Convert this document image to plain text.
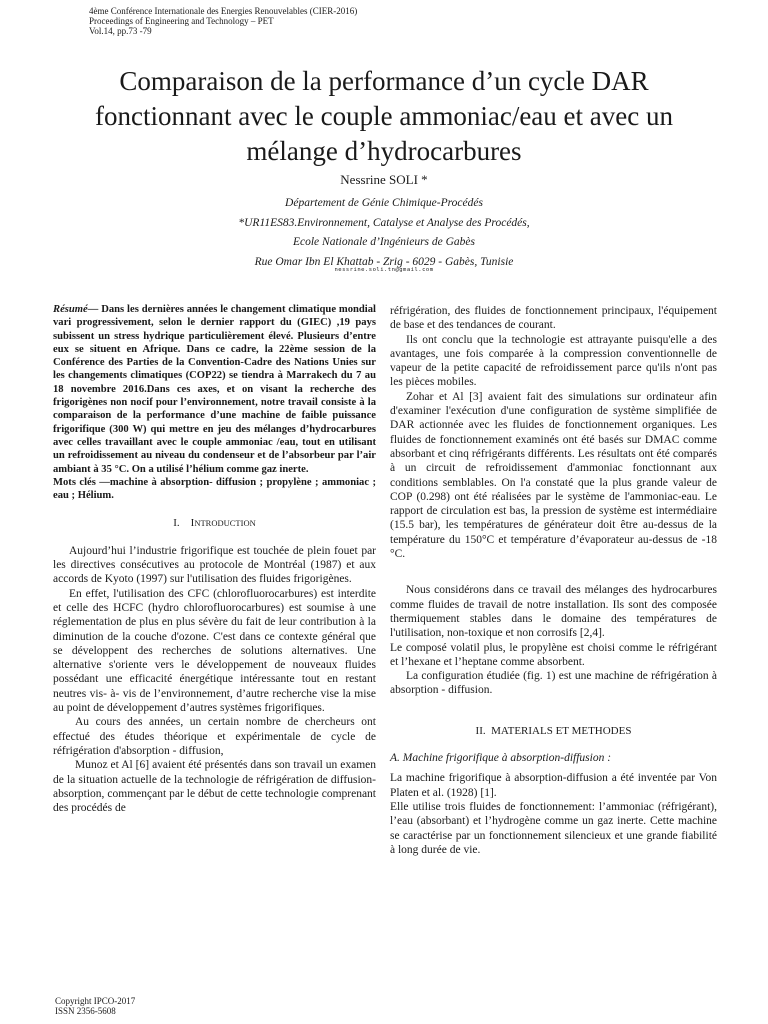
4ème Conférence Internationale des Energies Renouvelables (CIER-2016)
Proceedings of Engineering and Technology – PET
Vol.14, pp.73 -79
Comparaison de la performance d’un cycle DAR
fonctionnant avec le couple ammoniac/eau et avec un
mélange d’hydrocarbures
Nessrine SOLI *
Département de Génie Chimique-Procédés
*UR11ES83.Environnement, Catalyse et Analyse des Procédés,
Ecole Nationale d’Ingénieurs de Gabès
Rue Omar Ibn El Khattab - Zrig - 6029 - Gabès, Tunisie
nessrine.soli.tn@gmail.com

Résumé— Dans les dernières années le changement climatique mondial vari progressivement, selon le dernier rapport du (GIEC) ,19 pays subissent un stress hydrique particulièrement élevé. Plusieurs d’entre eux se situent en Afrique. Dans ce cadre, la 22ème session de la Conférence des Parties de la Convention-Cadre des Nations Unies sur les changements climatiques (COP22) se tiendra à Marrakech du 7 au 18 novembre 2016.Dans ces axes, et on visant la recherche des frigorigènes non nocif pour l’environnement, notre travail consiste à la comparaison de la performance d’une machine de faible puissance frigorifique (300 W) qui mettre en jeu des mélanges d’hydrocarbures avec celles travaillant avec le couple ammoniac /eau, tout en utilisant un refroidissement au niveau du condenseur et de l’absorbeur par l’air ambiant à 35 °C. On a utilisé l’hélium comme gaz inerte.

Mots clés —machine à absorption- diffusion ; propylène ; ammoniac ; eau ; Hélium.

I. INTRODUCTION

Aujourd’hui l’industrie frigorifique est touchée de plein fouet par les directives consécutives au protocole de Montréal (1987) et aux accords de Kyoto (1997) sur l'utilisation des fluides frigorigènes.

En effet, l'utilisation des CFC (chlorofluorocarbures) est interdite et celle des HCFC (hydro chlorofluorocarbures) est soumise à une réglementation de plus en plus sévère du fait de leur contribution à la diminution de la couche d'ozone. C'est dans ce contexte général que se développent des recherches de solutions alternatives. Une alternative s'oriente vers le développement de nouveaux fluides possédant une efficacité énergétique intéressante tout en restant neutres vis- à- vis de l’environnement, d’autre recherche vise la mise au point de développement d’autres systèmes frigorifiques.

Au cours des années, un certain nombre de chercheurs ont effectué des études théorique et expérimentale de cycle de réfrigération d'absorption - diffusion,

Munoz et Al [6] avaient été présentés dans son travail un examen de la situation actuelle de la technologie de réfrigération de diffusion-absorption, commençant par le début de cette technologie comprenant des procédés de

réfrigération, des fluides de fonctionnement principaux, l'équipement de base et des tendances de courant.

Ils ont conclu que la technologie est attrayante puisqu'elle a des avantages, une fois comparée à la compression conventionnelle de vapeur de la petite capacité de refroidissement parce qu'ils n'ont pas les pièces mobiles.

Zohar et Al [3] avaient fait des simulations sur ordinateur afin d'examiner l'exécution d'une configuration de système simplifiée de DAR actionnée avec les fluides de fonctionnement organiques. Les fluides de fonctionnement examinés ont été basés sur DMAC comme absorbant et cinq réfrigérants différents. Les résultats ont été comparés à un circuit de refroidissement d'ammoniac fonctionnant aux conditions semblables. On l'a constaté que la plus grande valeur de COP (0.298) ont été réalisées par le système de l'ammoniac-eau. Le rapport de circulation est bas, la pression de système est intermédiaire (15.5 bar), les températures de générateur doit être au-dessus de la température du 150°C et température d’évaporateur au-dessus de -18 °C.

Nous considérons dans ce travail des mélanges des hydrocarbures comme fluides de travail de notre installation. Ils sont des composée thermiquement stables dans le domaine des températures de l'utilisation, non-toxique et non corrosifs [2,4].

Le composé volatil plus, le propylène est choisi comme le réfrigérant et l’hexane et l’heptane comme absorbent.

La configuration étudiée (fig. 1) est une machine de réfrigération à absorption - diffusion.

II. MATERIALS ET METHODES

A. Machine frigorifique à absorption-diffusion :

La machine frigorifique à absorption-diffusion a été inventée par Von Platen et al. (1928) [1].

Elle utilise trois fluides de fonctionnement: l’ammoniac (réfrigérant), l’eau (absorbant) et l’hydrogène comme un gaz inerte. Cette machine se caractérise par un fonctionnement silencieux et une grande fiabilité à long durée de vie.

Copyright IPCO-2017
ISSN 2356-5608
